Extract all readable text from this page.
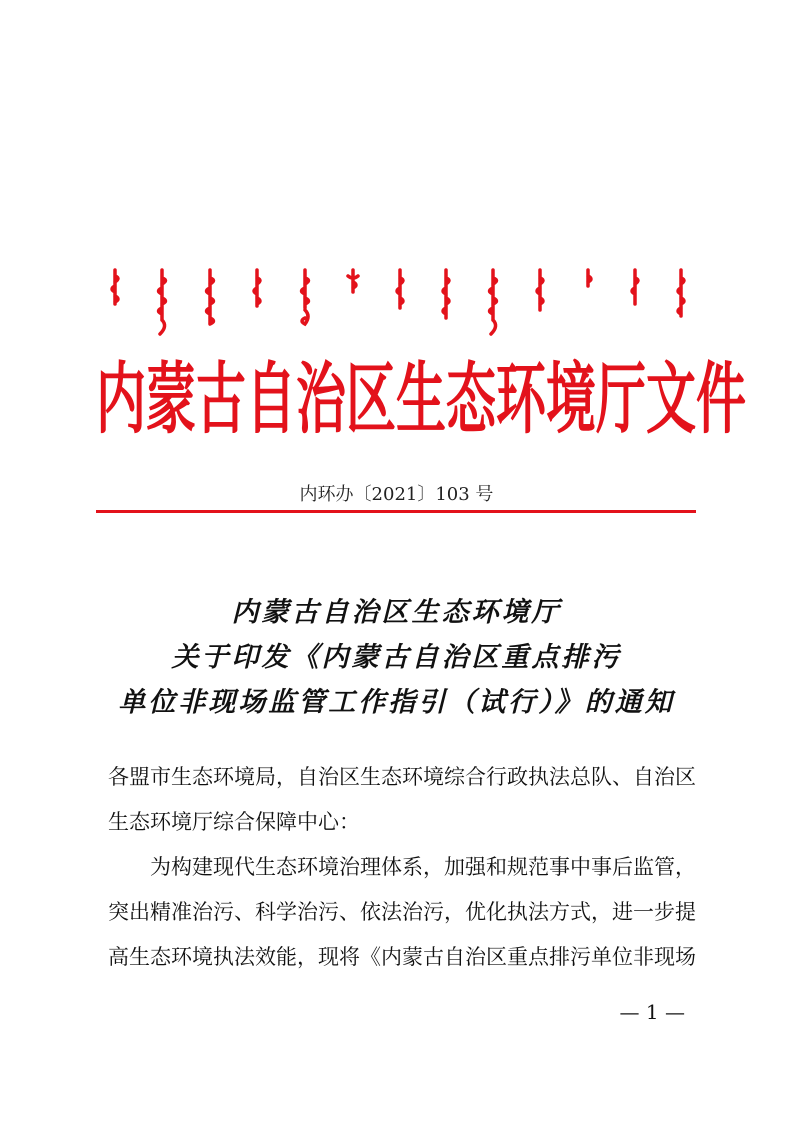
内蒙古自治区生态环境厅文件
内环办〔2021〕103 号
内蒙古自治区生态环境厅
关于印发《内蒙古自治区重点排污
单位非现场监管工作指引（试行）》的通知
各盟市生态环境局，自治区生态环境综合行政执法总队、自治区
生态环境厅综合保障中心：
为构建现代生态环境治理体系，加强和规范事中事后监管，
突出精准治污、科学治污、依法治污，优化执法方式，进一步提
高生态环境执法效能，现将《内蒙古自治区重点排污单位非现场
— 1 —
